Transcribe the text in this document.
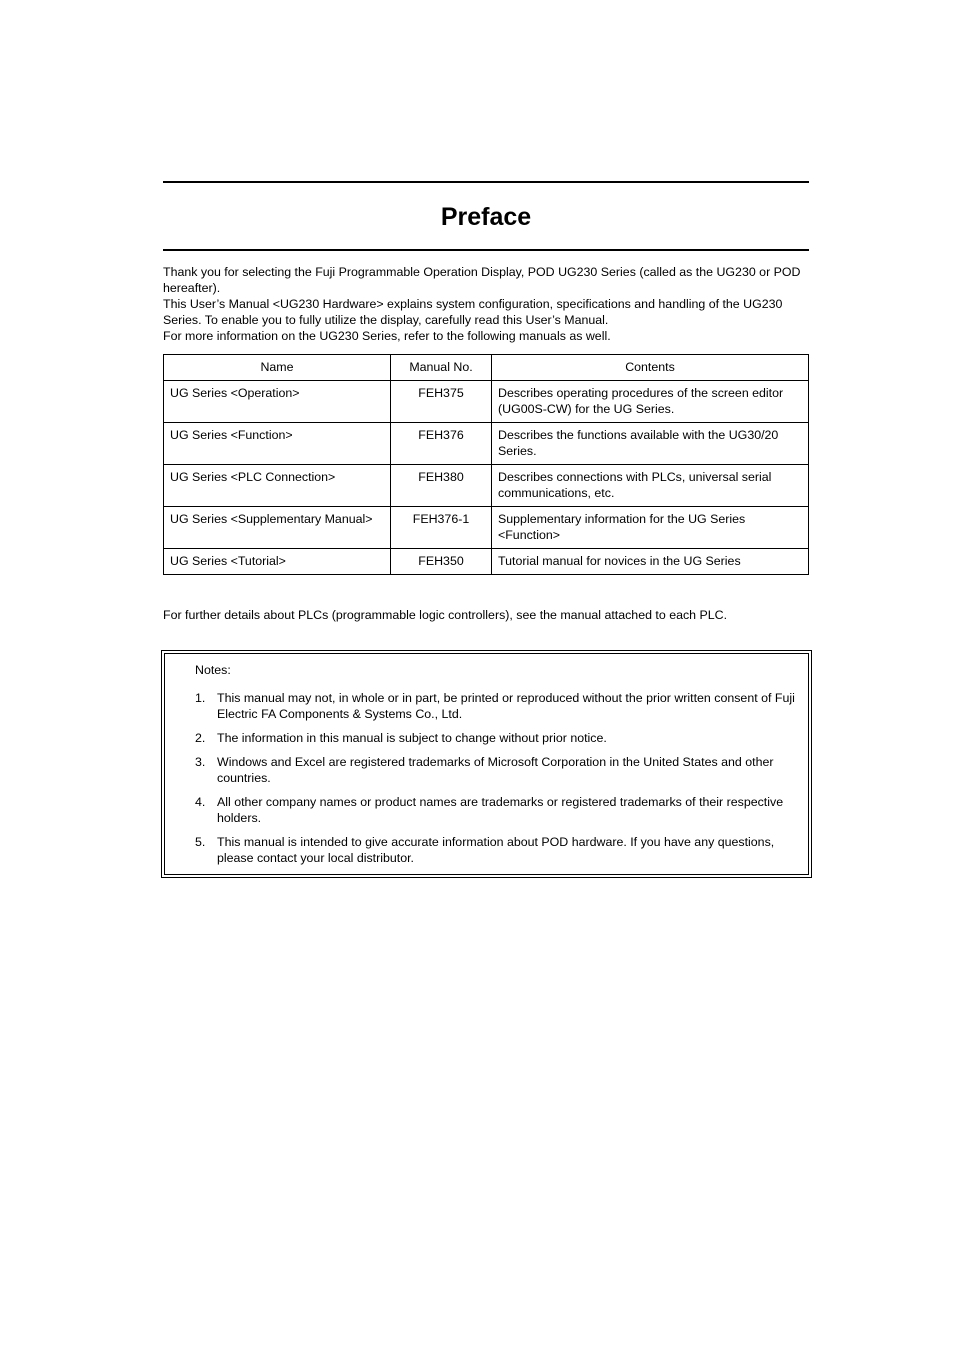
Preface

Thank you for selecting the Fuji Programmable Operation Display, POD UG230 Series (called as the UG230 or POD hereafter).

This User’s Manual <UG230 Hardware> explains system configuration, specifications and handling of the UG230 Series. To enable you to fully utilize the display, carefully read this User’s Manual.

For more information on the UG230 Series, refer to the following manuals as well.

Name	Manual No.	Contents
UG Series <Operation>	FEH375	Describes operating procedures of the screen editor (UG00S-CW) for the UG Series.
UG Series <Function>	FEH376	Describes the functions available with the UG30/20 Series.
UG Series <PLC Connection>	FEH380	Describes connections with PLCs, universal serial communications, etc.
UG Series <Supplementary Manual>	FEH376-1	Supplementary information for the UG Series <Function>
UG Series <Tutorial>	FEH350	Tutorial manual for novices in the UG Series

For further details about PLCs (programmable logic controllers), see the manual attached to each PLC.

Notes:
1. This manual may not, in whole or in part, be printed or reproduced without the prior written consent of Fuji Electric FA Components & Systems Co., Ltd.
2. The information in this manual is subject to change without prior notice.
3. Windows and Excel are registered trademarks of Microsoft Corporation in the United States and other countries.
4. All other company names or product names are trademarks or registered trademarks of their respective holders.
5. This manual is intended to give accurate information about POD hardware. If you have any questions, please contact your local distributor.
